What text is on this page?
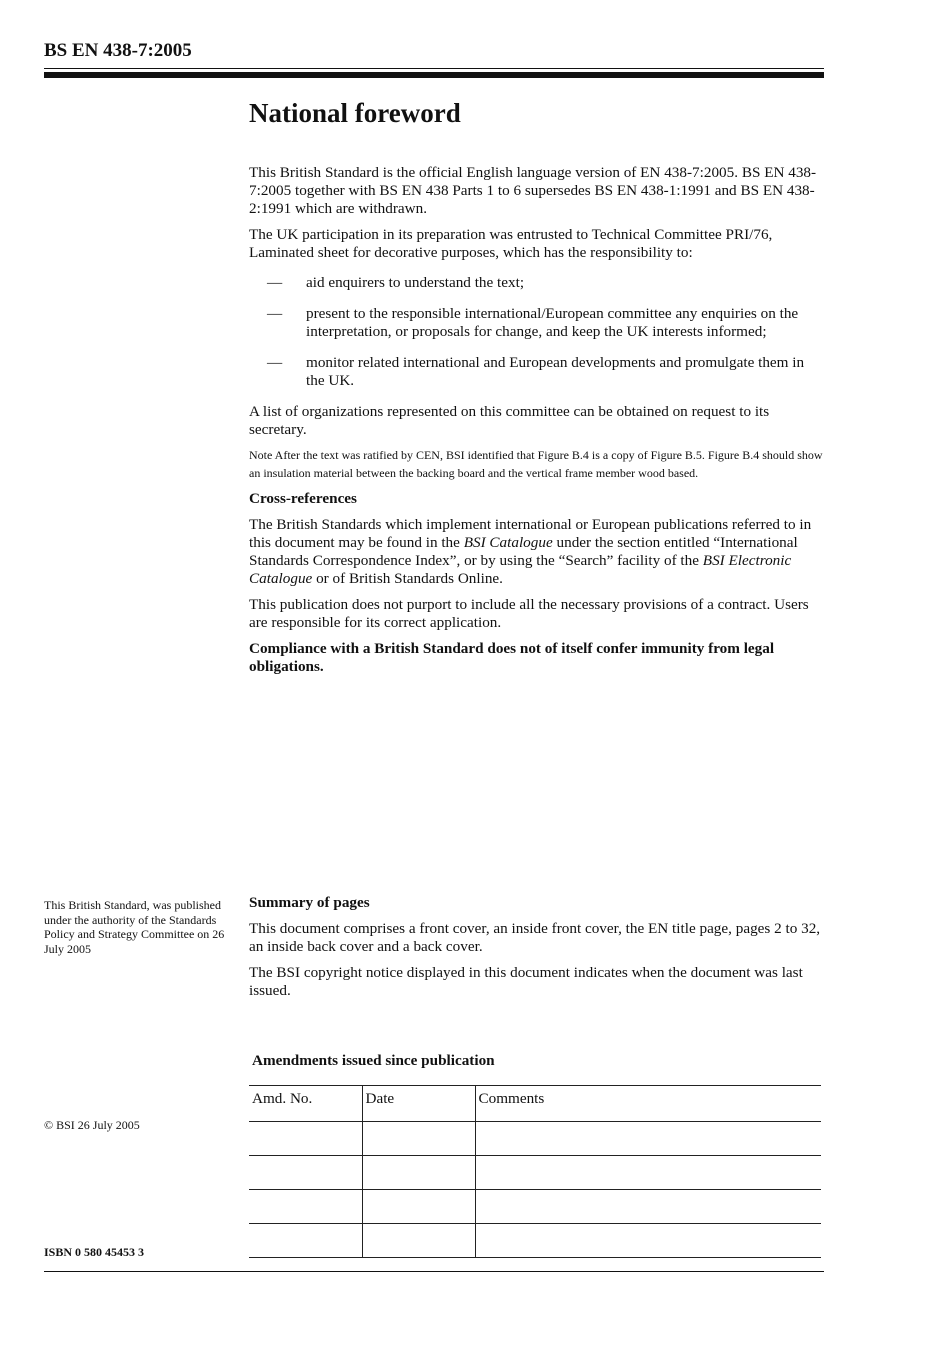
BS EN 438-7:2005
National foreword

This British Standard is the official English language version of EN 438-7:2005. BS EN 438-7:2005 together with BS EN 438 Parts 1 to 6 supersedes BS EN 438-1:1991 and BS EN 438-2:1991 which are withdrawn.

The UK participation in its preparation was entrusted to Technical Committee PRI/76, Laminated sheet for decorative purposes, which has the responsibility to:

— aid enquirers to understand the text;
— present to the responsible international/European committee any enquiries on the interpretation, or proposals for change, and keep the UK interests informed;
— monitor related international and European developments and promulgate them in the UK.

A list of organizations represented on this committee can be obtained on request to its secretary.

Note After the text was ratified by CEN, BSI identified that Figure B.4 is a copy of Figure B.5. Figure B.4 should show an insulation material between the backing board and the vertical frame member wood based.

Cross-references

The British Standards which implement international or European publications referred to in this document may be found in the BSI Catalogue under the section entitled “International Standards Correspondence Index”, or by using the “Search” facility of the BSI Electronic Catalogue or of British Standards Online.

This publication does not purport to include all the necessary provisions of a contract. Users are responsible for its correct application.

Compliance with a British Standard does not of itself confer immunity from legal obligations.

This British Standard, was published under the authority of the Standards Policy and Strategy Committee on 26 July 2005
© BSI 26 July 2005
ISBN 0 580 45453 3

Summary of pages

This document comprises a front cover, an inside front cover, the EN title page, pages 2 to 32, an inside back cover and a back cover.

The BSI copyright notice displayed in this document indicates when the document was last issued.

Amendments issued since publication
Amd. No.	Date	Comments
